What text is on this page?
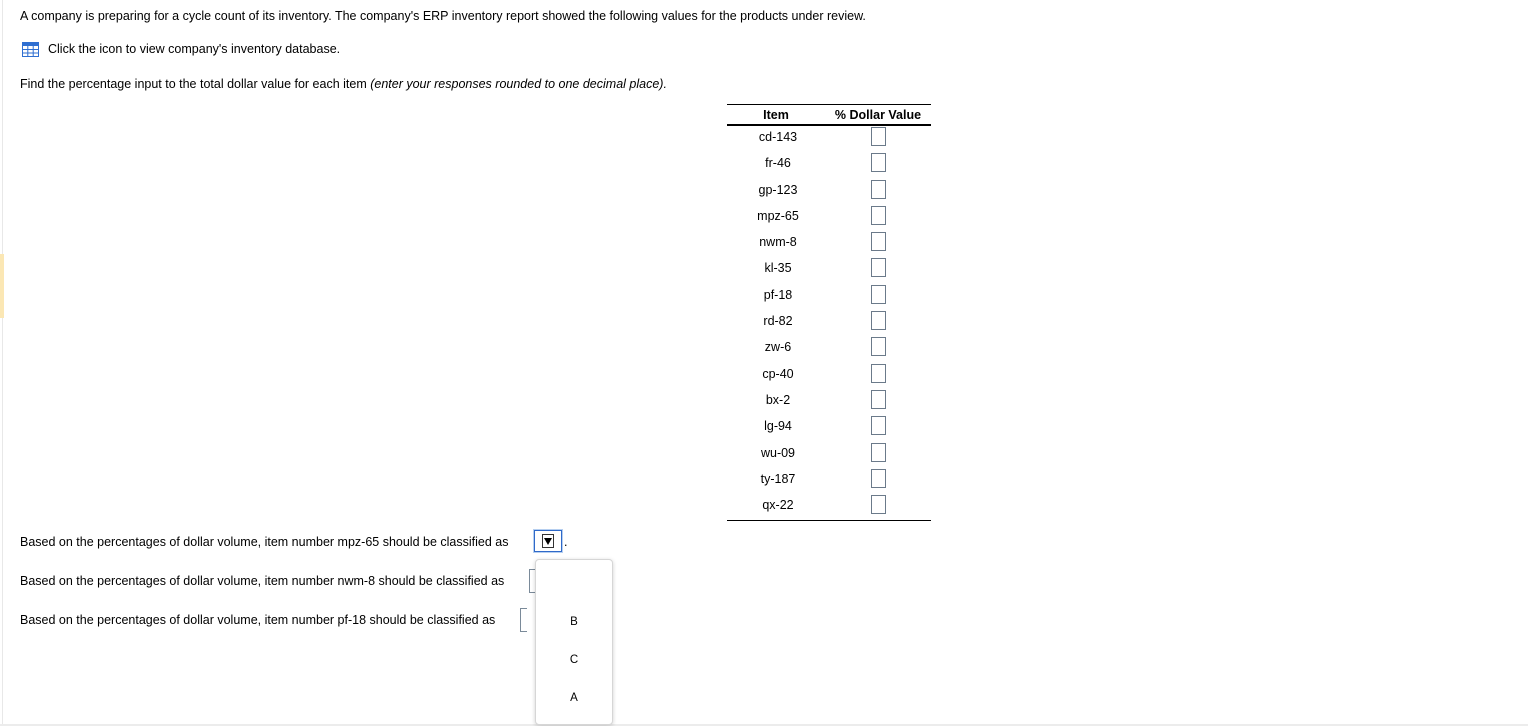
A company is preparing for a cycle count of its inventory. The company's ERP inventory report showed the following values for the products under review.
Click the icon to view company's inventory database.
Find the percentage input to the total dollar value for each item (enter your responses rounded to one decimal place).
Item	% Dollar Value
cd-143
fr-46
gp-123
mpz-65
nwm-8
kl-35
pf-18
rd-82
zw-6
cp-40
bx-2
lg-94
wu-09
ty-187
qx-22
Based on the percentages of dollar volume, item number mpz-65 should be classified as	.
Based on the percentages of dollar volume, item number nwm-8 should be classified as
Based on the percentages of dollar volume, item number pf-18 should be classified as	B
C
A
